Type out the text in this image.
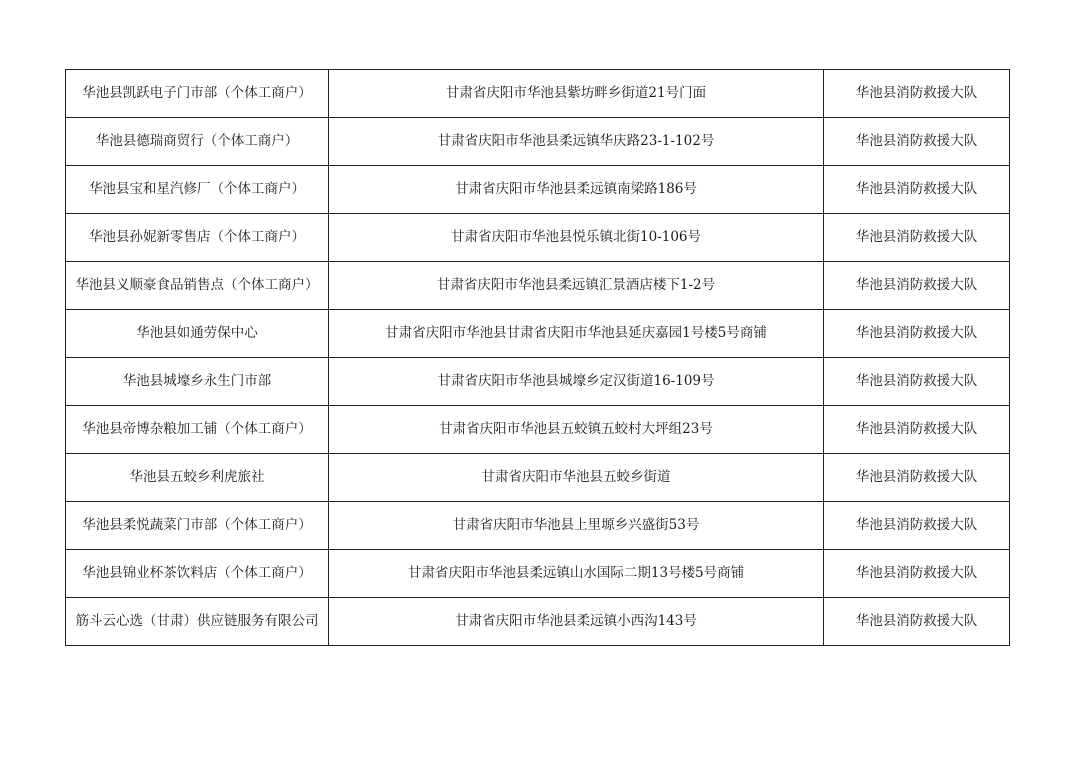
华池县凯跃电子门市部（个体工商户）	甘肃省庆阳市华池县紫坊畔乡街道21号门面	华池县消防救援大队
华池县德瑞商贸行（个体工商户）	甘肃省庆阳市华池县柔远镇华庆路23-1-102号	华池县消防救援大队
华池县宝和星汽修厂（个体工商户）	甘肃省庆阳市华池县柔远镇南梁路186号	华池县消防救援大队
华池县孙妮新零售店（个体工商户）	甘肃省庆阳市华池县悦乐镇北街10-106号	华池县消防救援大队
华池县义顺豪食品销售点（个体工商户）	甘肃省庆阳市华池县柔远镇汇景酒店楼下1-2号	华池县消防救援大队
华池县如通劳保中心	甘肃省庆阳市华池县甘肃省庆阳市华池县延庆嘉园1号楼5号商铺	华池县消防救援大队
华池县城壕乡永生门市部	甘肃省庆阳市华池县城壕乡定汉街道16-109号	华池县消防救援大队
华池县帝博杂粮加工铺（个体工商户）	甘肃省庆阳市华池县五蛟镇五蛟村大坪组23号	华池县消防救援大队
华池县五蛟乡利虎旅社	甘肃省庆阳市华池县五蛟乡街道	华池县消防救援大队
华池县柔悦蔬菜门市部（个体工商户）	甘肃省庆阳市华池县上里塬乡兴盛街53号	华池县消防救援大队
华池县锦业杯茶饮料店（个体工商户）	甘肃省庆阳市华池县柔远镇山水国际二期13号楼5号商铺	华池县消防救援大队
筋斗云心选（甘肃）供应链服务有限公司	甘肃省庆阳市华池县柔远镇小西沟143号	华池县消防救援大队
